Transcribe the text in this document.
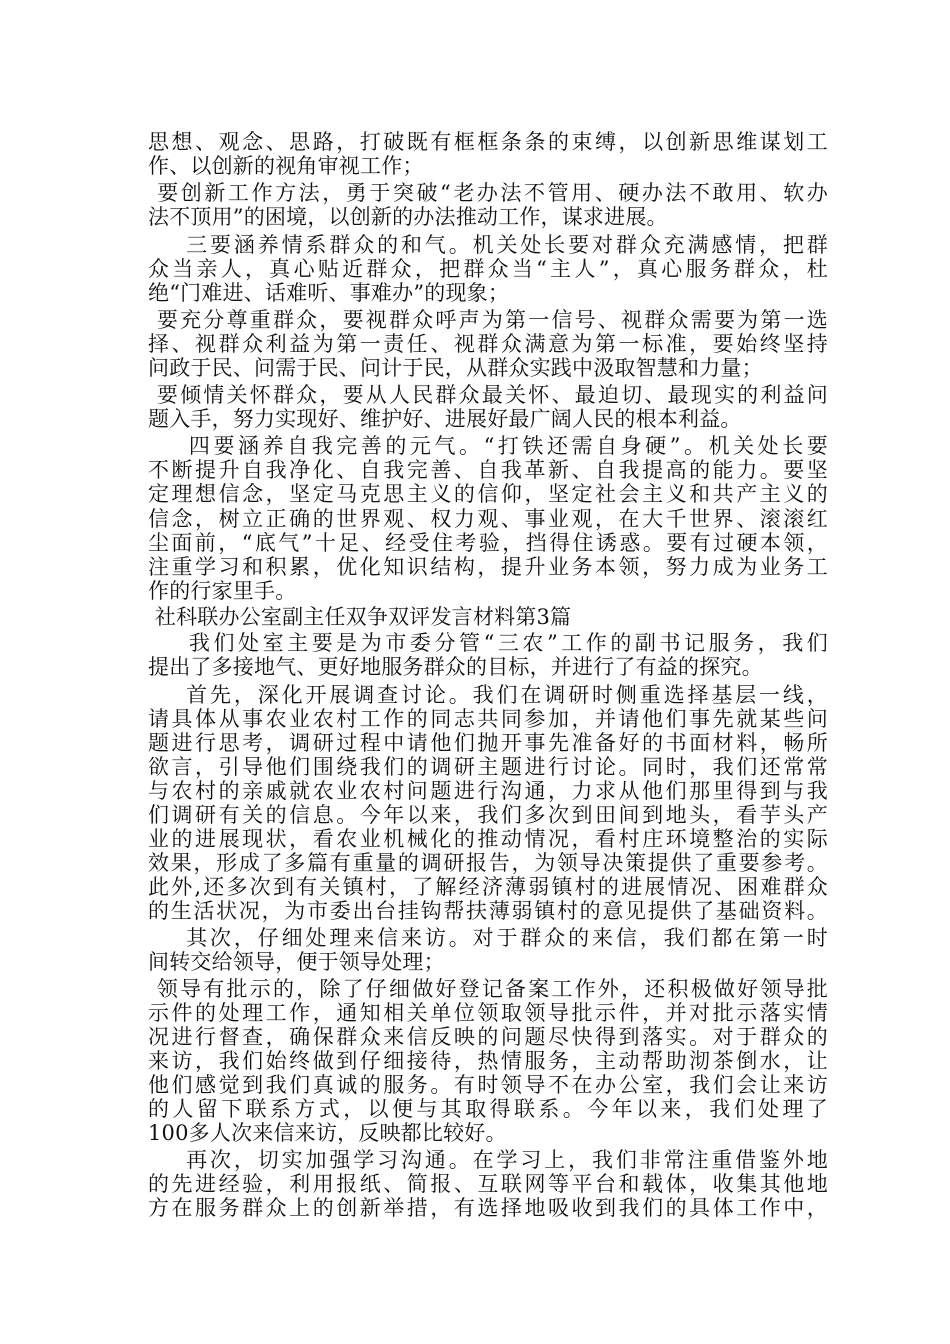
思想、观念、思路，打破既有框框条条的束缚，以创新思维谋划工
作、以创新的视角审视工作；
要创新工作方法，勇于突破“老办法不管用、硬办法不敢用、软办
法不顶用”的困境，以创新的办法推动工作，谋求进展。
三要涵养情系群众的和气。机关处长要对群众充满感情，把群
众当亲人，真心贴近群众，把群众当“主人”，真心服务群众，杜
绝“门难进、话难听、事难办”的现象；
要充分尊重群众，要视群众呼声为第一信号、视群众需要为第一选
择、视群众利益为第一责任、视群众满意为第一标准，要始终坚持
问政于民、问需于民、问计于民，从群众实践中汲取智慧和力量；
要倾情关怀群众，要从人民群众最关怀、最迫切、最现实的利益问
题入手，努力实现好、维护好、进展好最广阔人民的根本利益。
四要涵养自我完善的元气。“打铁还需自身硬”。机关处长要
不断提升自我净化、自我完善、自我革新、自我提高的能力。要坚
定理想信念，坚定马克思主义的信仰，坚定社会主义和共产主义的
信念，树立正确的世界观、权力观、事业观，在大千世界、滚滚红
尘面前，“底气”十足、经受住考验，挡得住诱惑。要有过硬本领，
注重学习和积累，优化知识结构，提升业务本领，努力成为业务工
作的行家里手。
社科联办公室副主任双争双评发言材料第3篇
我们处室主要是为市委分管“三农”工作的副书记服务，我们
提出了多接地气、更好地服务群众的目标，并进行了有益的探究。
首先，深化开展调查讨论。我们在调研时侧重选择基层一线，
请具体从事农业农村工作的同志共同参加，并请他们事先就某些问
题进行思考，调研过程中请他们抛开事先准备好的书面材料，畅所
欲言，引导他们围绕我们的调研主题进行讨论。同时，我们还常常
与农村的亲戚就农业农村问题进行沟通，力求从他们那里得到与我
们调研有关的信息。今年以来，我们多次到田间到地头，看芋头产
业的进展现状，看农业机械化的推动情况，看村庄环境整治的实际
效果，形成了多篇有重量的调研报告，为领导决策提供了重要参考。
此外,还多次到有关镇村，了解经济薄弱镇村的进展情况、困难群众
的生活状况，为市委出台挂钩帮扶薄弱镇村的意见提供了基础资料。
其次，仔细处理来信来访。对于群众的来信，我们都在第一时
间转交给领导，便于领导处理；
领导有批示的，除了仔细做好登记备案工作外，还积极做好领导批
示件的处理工作，通知相关单位领取领导批示件，并对批示落实情
况进行督查，确保群众来信反映的问题尽快得到落实。对于群众的
来访，我们始终做到仔细接待，热情服务，主动帮助沏茶倒水，让
他们感觉到我们真诚的服务。有时领导不在办公室，我们会让来访
的人留下联系方式，以便与其取得联系。今年以来，我们处理了
100多人次来信来访，反映都比较好。
再次，切实加强学习沟通。在学习上，我们非常注重借鉴外地
的先进经验，利用报纸、简报、互联网等平台和载体，收集其他地
方在服务群众上的创新举措，有选择地吸收到我们的具体工作中，
